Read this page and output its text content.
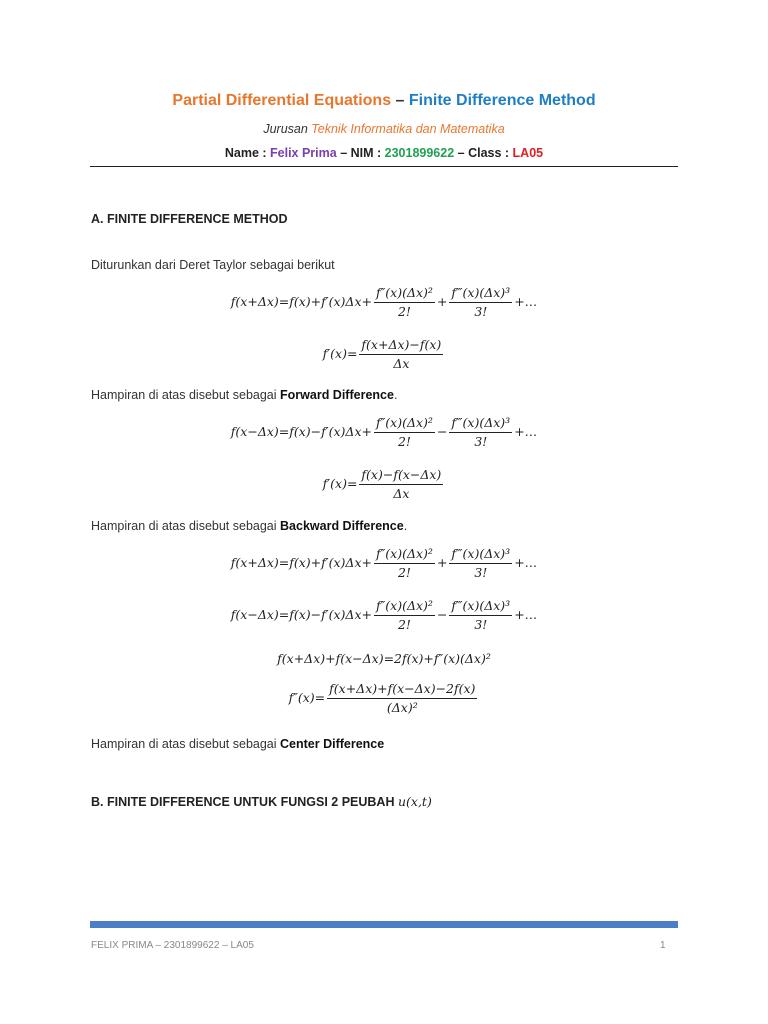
Partial Differential Equations – Finite Difference Method
Jurusan Teknik Informatika dan Matematika
Name : Felix Prima – NIM : 2301899622 – Class : LA05
A. FINITE DIFFERENCE METHOD
Diturunkan dari Deret Taylor sebagai berikut
$f(x+\Delta x)=f(x)+f'(x)\Delta x+ \frac{\text{f″(x)(Δx)²}}{2!} + \frac{\text{f‴(x)(Δx)³}}{3!}$ +…
$f'(x)= \frac{f(x+\Delta x)-f(x)}{\Delta x}$
Hampiran di atas disebut sebagai Forward Difference.
$f(x-\Delta x)=f(x)-f'(x)\Delta x+ \frac{\text{f″(x)(Δx)²}}{2!} - \frac{\text{f‴(x)(Δx)³}}{3!}$ +…
$f'(x)= \frac{f(x)-f(x-\Delta x)}{\Delta x}$
Hampiran di atas disebut sebagai Backward Difference.
$f(x+\Delta x)=f(x)+f'(x)\Delta x+ \frac{\text{f″(x)(Δx)²}}{2!} + \frac{\text{f‴(x)(Δx)³}}{3!}$ +…
$f(x-\Delta x)=f(x)-f'(x)\Delta x+ \frac{\text{f″(x)(Δx)²}}{2!} - \frac{\text{f‴(x)(Δx)³}}{3!}$ +…
f(x+Δx)+f(x−Δx)=2f(x)+f″(x)(Δx)²
$f''(x)= \frac{f(x+\Delta x)+f(x-\Delta x)-2f(x)}{\text{(Δx)²}}$
Hampiran di atas disebut sebagai Center Difference
B. FINITE DIFFERENCE UNTUK FUNGSI 2 PEUBAH u(x,t)
FELIX PRIMA – 2301899622 – LA05	1
